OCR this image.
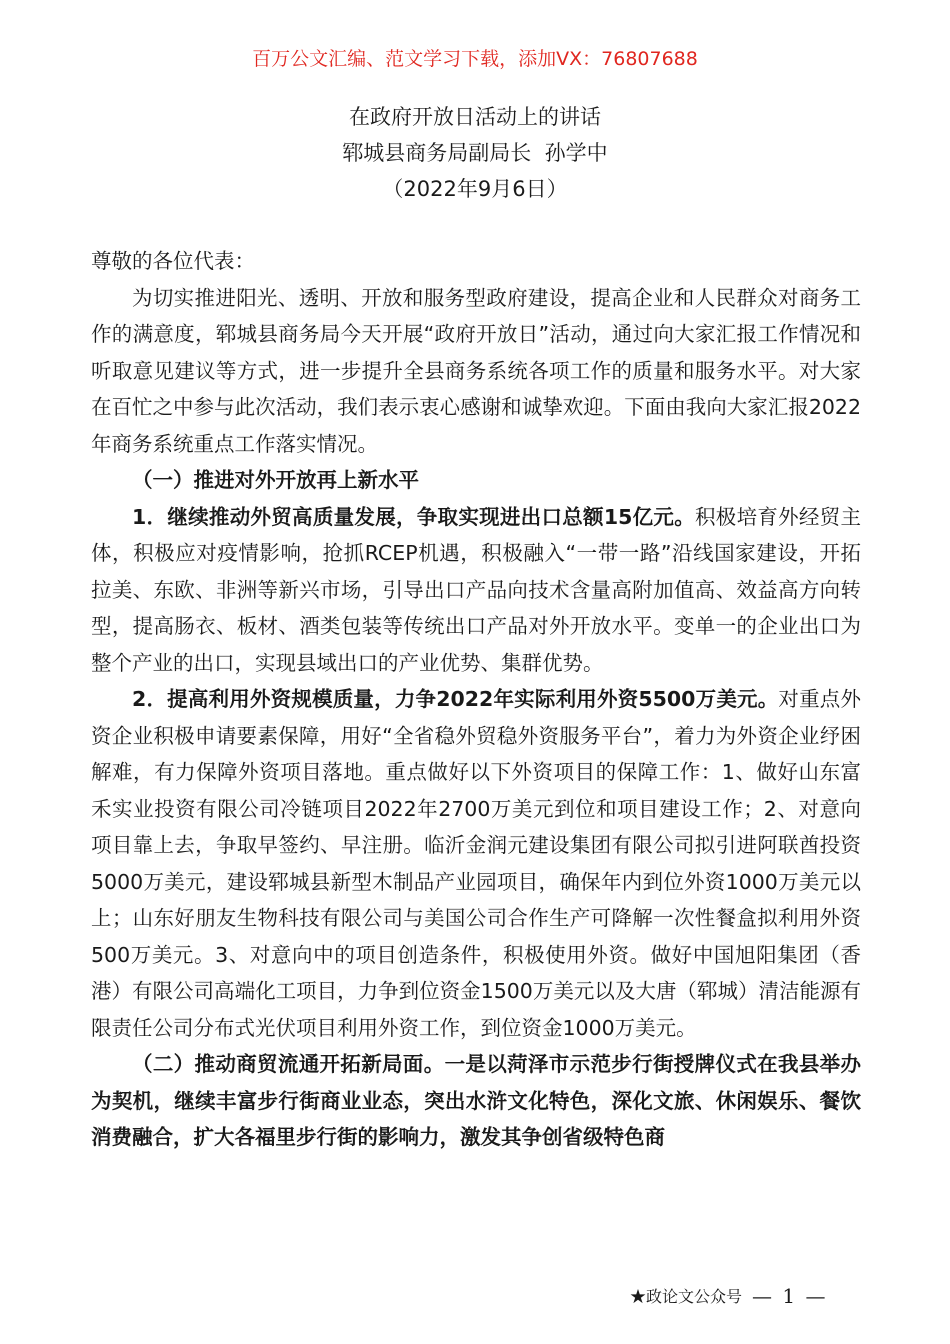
百万公文汇编、范文学习下载，添加VX：76807688
在政府开放日活动上的讲话
郓城县商务局副局长  孙学中
（2022年9月6日）

尊敬的各位代表：

为切实推进阳光、透明、开放和服务型政府建设，提高企业和人民群众对商务工作的满意度，郓城县商务局今天开展“政府开放日”活动，通过向大家汇报工作情况和听取意见建议等方式，进一步提升全县商务系统各项工作的质量和服务水平。对大家在百忙之中参与此次活动，我们表示衷心感谢和诚挚欢迎。下面由我向大家汇报2022年商务系统重点工作落实情况。

（一）推进对外开放再上新水平

1．继续推动外贸高质量发展，争取实现进出口总额15亿元。积极培育外经贸主体，积极应对疫情影响，抢抓RCEP机遇，积极融入“一带一路”沿线国家建设，开拓拉美、东欧、非洲等新兴市场，引导出口产品向技术含量高附加值高、效益高方向转型，提高肠衣、板材、酒类包装等传统出口产品对外开放水平。变单一的企业出口为整个产业的出口，实现县域出口的产业优势、集群优势。

2．提高利用外资规模质量，力争2022年实际利用外资5500万美元。对重点外资企业积极申请要素保障，用好“全省稳外贸稳外资服务平台”，着力为外资企业纾困解难，有力保障外资项目落地。重点做好以下外资项目的保障工作：1、做好山东富禾实业投资有限公司冷链项目2022年2700万美元到位和项目建设工作；2、对意向项目靠上去，争取早签约、早注册。临沂金润元建设集团有限公司拟引进阿联酋投资5000万美元，建设郓城县新型木制品产业园项目，确保年内到位外资1000万美元以上；山东好朋友生物科技有限公司与美国公司合作生产可降解一次性餐盒拟利用外资500万美元。3、对意向中的项目创造条件，积极使用外资。做好中国旭阳集团（香港）有限公司高端化工项目，力争到位资金1500万美元以及大唐（郓城）清洁能源有限责任公司分布式光伏项目利用外资工作，到位资金1000万美元。

（二）推动商贸流通开拓新局面。一是以菏泽市示范步行街授牌仪式在我县举办为契机，继续丰富步行街商业业态，突出水浒文化特色，深化文旅、休闲娱乐、餐饮消费融合，扩大各福里步行街的影响力，激发其争创省级特色商

★政论文公众号 — 1 —
